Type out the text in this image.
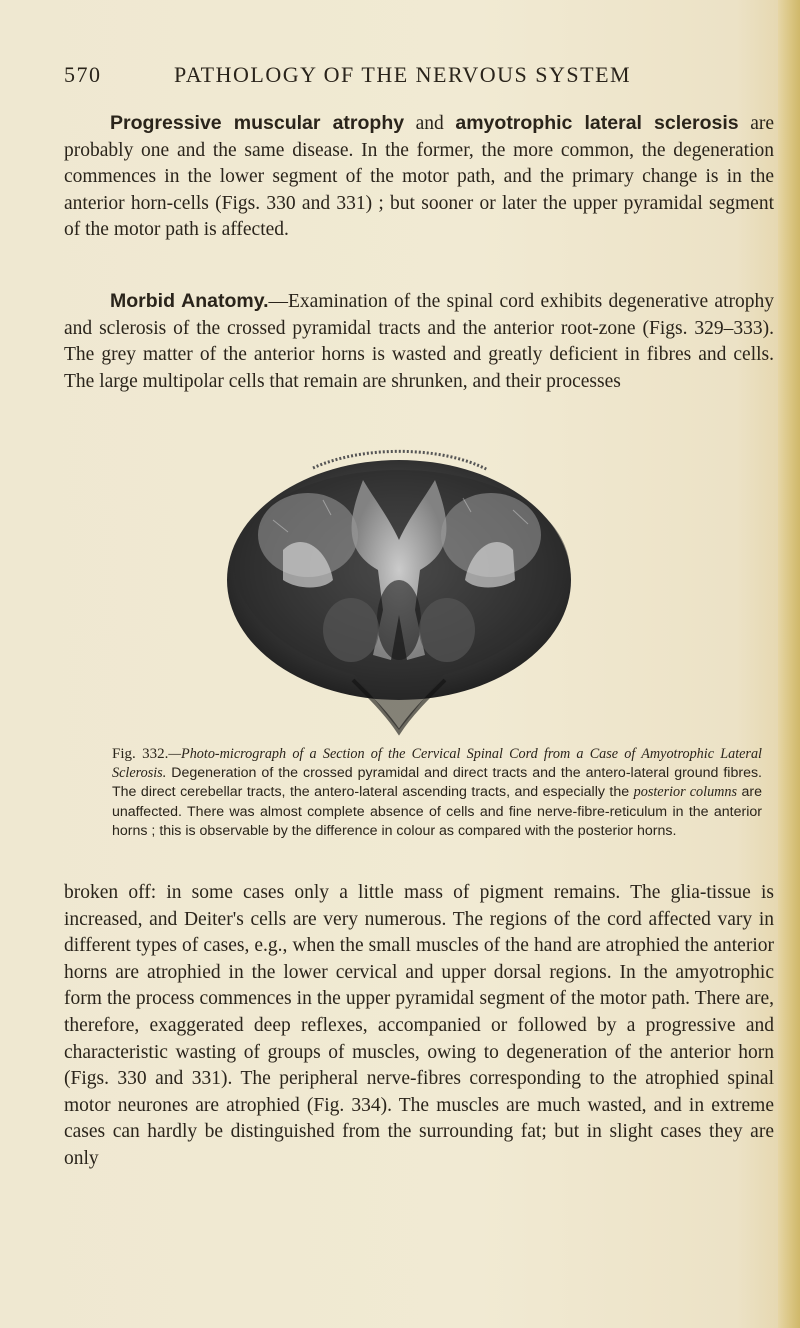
570	PATHOLOGY OF THE NERVOUS SYSTEM

Progressive muscular atrophy and amyotrophic lateral sclerosis are probably one and the same disease. In the former, the more common, the degeneration commences in the lower segment of the motor path, and the primary change is in the anterior horn-cells (Figs. 330 and 331) ; but sooner or later the upper pyramidal segment of the motor path is affected.

Morbid Anatomy.—Examination of the spinal cord exhibits degenerative atrophy and sclerosis of the crossed pyramidal tracts and the anterior root-zone (Figs. 329–333). The grey matter of the anterior horns is wasted and greatly deficient in fibres and cells. The large multipolar cells that remain are shrunken, and their processes

Fig. 332.—Photo-micrograph of a Section of the Cervical Spinal Cord from a Case of Amyotrophic Lateral Sclerosis. Degeneration of the crossed pyramidal and direct tracts and the antero-lateral ground fibres. The direct cerebellar tracts, the antero-lateral ascending tracts, and especially the posterior columns are unaffected. There was almost complete absence of cells and fine nerve-fibre-reticulum in the anterior horns ; this is observable by the difference in colour as compared with the posterior horns.

broken off: in some cases only a little mass of pigment remains. The glia-tissue is increased, and Deiter's cells are very numerous. The regions of the cord affected vary in different types of cases, e.g., when the small muscles of the hand are atrophied the anterior horns are atrophied in the lower cervical and upper dorsal regions. In the amyotrophic form the process commences in the upper pyramidal segment of the motor path. There are, therefore, exaggerated deep reflexes, accompanied or followed by a progressive and characteristic wasting of groups of muscles, owing to degeneration of the anterior horn (Figs. 330 and 331). The peripheral nerve-fibres corresponding to the atrophied spinal motor neurones are atrophied (Fig. 334). The muscles are much wasted, and in extreme cases can hardly be distinguished from the surrounding fat; but in slight cases they are only
